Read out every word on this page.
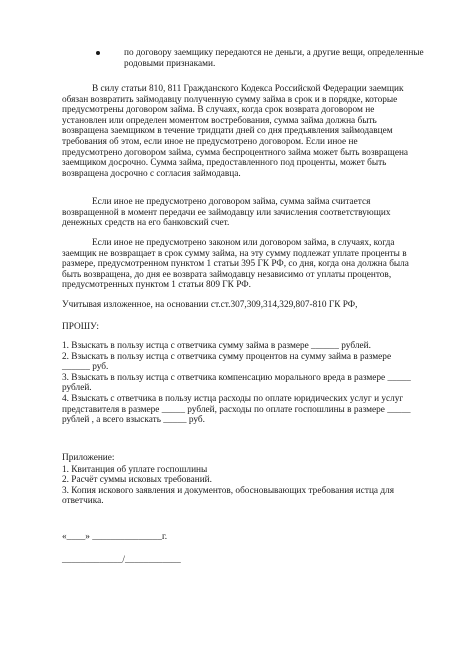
по договору заемщику передаются не деньги, а другие вещи, определенные родовыми признаками.

В силу статьи 810, 811 Гражданского Кодекса Российской Федерации заемщик обязан возвратить займодавцу полученную сумму займа в срок и в порядке, которые предусмотрены договором займа. В случаях, когда срок возврата договором не установлен или определен моментом востребования, сумма займа должна быть возвращена заемщиком в течение тридцати дней со дня предъявления займодавцем требования об этом, если иное не предусмотрено договором. Если иное не предусмотрено договором займа, сумма беспроцентного займа может быть возвращена заемщиком досрочно. Сумма займа, предоставленного под проценты, может быть возвращена досрочно с согласия займодавца.

Если иное не предусмотрено договором займа, сумма займа считается возвращенной в момент передачи ее займодавцу или зачисления соответствующих денежных средств на его банковский счет.

Если иное не предусмотрено законом или договором займа, в случаях, когда заемщик не возвращает в срок сумму займа, на эту сумму подлежат уплате проценты в размере, предусмотренном пунктом 1 статьи 395 ГК РФ, со дня, когда она должна была быть возвращена, до дня ее возврата займодавцу независимо от уплаты процентов, предусмотренных пунктом 1 статьи 809 ГК РФ.

Учитывая изложенное, на основании ст.ст.307,309,314,329,807-810 ГК РФ,

ПРОШУ:

1. Взыскать в пользу истца с ответчика сумму займа в размере ______ рублей.

2. Взыскать в пользу истца с ответчика сумму процентов на сумму займа в размере ______ руб.

3. Взыскать в пользу истца с ответчика компенсацию морального вреда в размере _____ рублей.

4. Взыскать с ответчика в пользу истца расходы по оплате юридических услуг и услуг представителя в размере _____ рублей, расходы по оплате госпошлины в размере _____ рублей , а всего взыскать _____ руб.

Приложение:

1. Квитанция об уплате госпошлины

2. Расчёт суммы исковых требований.

3. Копия искового заявления и документов, обосновывающих требования истца для ответчика.

«____» _______________г.

_____________/____________
